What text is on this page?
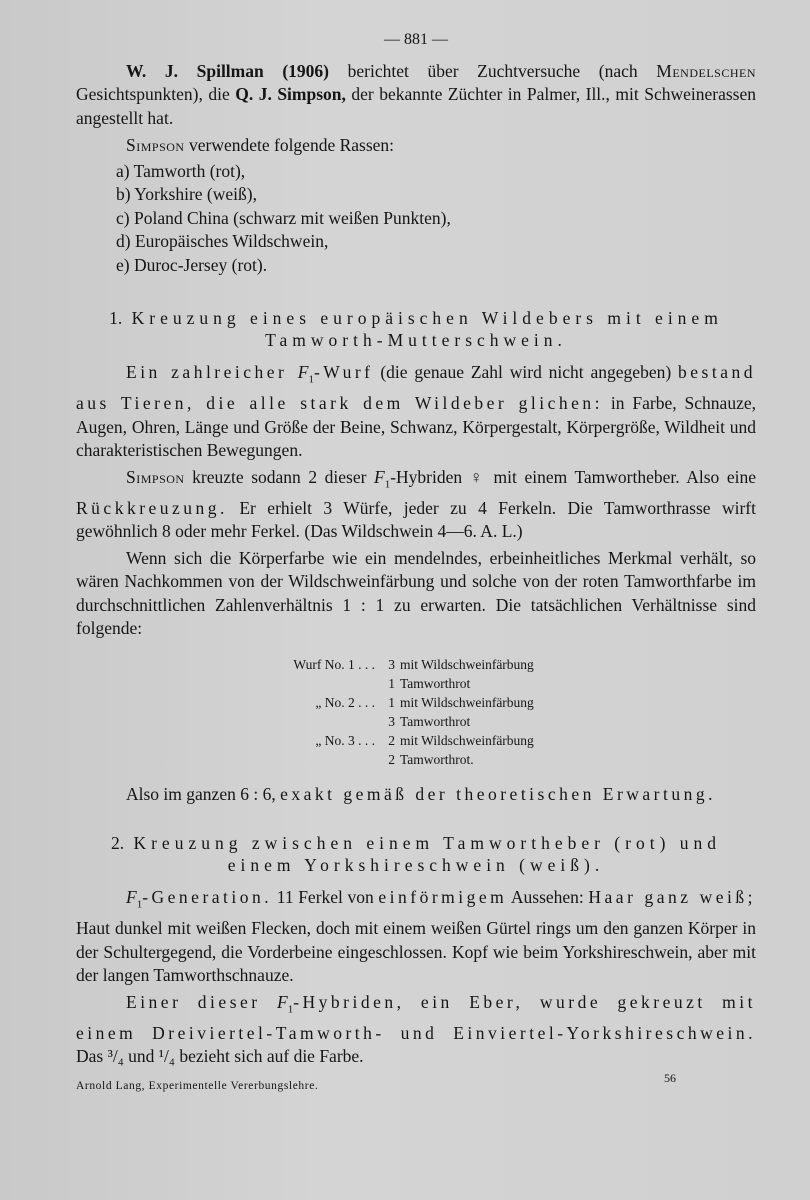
— 881 —

W. J. Spillman (1906) berichtet über Zuchtversuche (nach Mendelschen Gesichtspunkten), die Q. J. Simpson, der bekannte Züchter in Palmer, Ill., mit Schweinerassen angestellt hat.

Simpson verwendete folgende Rassen:

a) Tamworth (rot),
b) Yorkshire (weiß),
c) Poland China (schwarz mit weißen Punkten),
d) Europäisches Wildschwein,
e) Duroc-Jersey (rot).
1. Kreuzung eines europäischen Wildebers mit einem
Tamworth-Mutterschwein.

Ein zahlreicher $F_1$-Wurf (die genaue Zahl wird nicht angegeben) bestand aus Tieren, die alle stark dem Wildeber glichen: in Farbe, Schnauze, Augen, Ohren, Länge und Größe der Beine, Schwanz, Körpergestalt, Körpergröße, Wildheit und charakteristischen Bewegungen.

Simpson kreuzte sodann 2 dieser $F_1$-Hybriden ♀ mit einem Tamwortheber. Also eine Rückkreuzung. Er erhielt 3 Würfe, jeder zu 4 Ferkeln. Die Tamworthrasse wirft gewöhnlich 8 oder mehr Ferkel. (Das Wildschwein 4—6. A. L.)

Wenn sich die Körperfarbe wie ein mendelndes, erbeinheitliches Merkmal verhält, so wären Nachkommen von der Wildschweinfärbung und solche von der roten Tamworthfarbe im durchschnittlichen Zahlenverhältnis 1 : 1 zu erwarten. Die tatsächlichen Verhältnisse sind folgende:

Wurf No. 1 . . . 3 mit Wildschweinfärbung
1 Tamworthrot
„ No. 2 . . . 1 mit Wildschweinfärbung
3 Tamworthrot
„ No. 3 . . . 2 mit Wildschweinfärbung
2 Tamworthrot.

Also im ganzen 6 : 6, exakt gemäß der theoretischen Erwartung.

2. Kreuzung zwischen einem Tamwortheber (rot) und
einem Yorkshireschwein (weiß).

$F_1$-Generation. 11 Ferkel von einförmigem Aussehen: Haar ganz weiß; Haut dunkel mit weißen Flecken, doch mit einem weißen Gürtel rings um den ganzen Körper in der Schultergegend, die Vorderbeine eingeschlossen. Kopf wie beim Yorkshireschwein, aber mit der langen Tamworthschnauze.

Einer dieser $F_1$-Hybriden, ein Eber, wurde gekreuzt mit einem Dreiviertel-Tamworth- und Einviertel-Yorkshireschwein. Das ³/₄ und ¹/₄ bezieht sich auf die Farbe.

Arnold Lang, Experimentelle Vererbungslehre.
56
